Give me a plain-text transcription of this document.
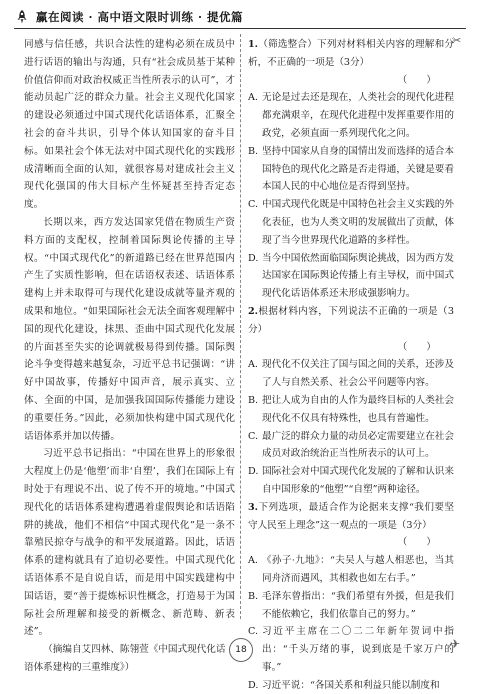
赢在阅读 · 高中语文限时训练 · 提优篇

同感与信任感，共识合法性的建构必须在成员中进行话语的输出与沟通，只有“社会成员基于某种价值信仰而对政治权威正当性所表示的认可”，才能动员起广泛的群众力量。社会主义现代化国家的建设必须通过中国式现代化话语体系，汇聚全社会的奋斗共识，引导个体认知国家的奋斗目标。如果社会个体无法对中国式现代化的实践形成清晰而全面的认知，就很容易对建成社会主义现代化强国的伟大目标产生怀疑甚至持否定态度。

长期以来，西方发达国家凭借在物质生产资料方面的支配权，控制着国际舆论传播的主导权。“中国式现代化”的新道路已经在世界范围内产生了实质性影响，但在话语权表述、话语体系建构上并未取得可与现代化建设成就等量齐观的成果和地位。“如果国际社会无法全面客观理解中国的现代化建设，抹黑、歪曲中国式现代化发展的片面甚至失实的论调就极易得到传播。国际舆论斗争变得越来越复杂，习近平总书记强调：“讲好中国故事，传播好中国声音，展示真实、立体、全面的中国，是加强我国国际传播能力建设的重要任务。”因此，必须加快构建中国式现代化话语体系并加以传播。

习近平总书记指出：“中国在世界上的形象很大程度上仍是‘他塑’而非‘自塑’，我们在国际上有时处于有理说不出、说了传不开的境地。”中国式现代化的话语体系建构遭遇着虚假舆论和话语陷阱的挑战，他们不相信“中国式现代化”是一条不靠殖民掠夺与战争的和平发展道路。因此，话语体系的建构就具有了迫切必要性。中国式现代化话语体系不是自说自话，而是用中国实践建构中国话语，要“善于提炼标识性概念，打造易于为国际社会所理解和接受的新概念、新范畴、新表述”。

（摘编自艾四林、陈翎萱《中国式现代化话语体系建构的三重维度》）

✂

1.（筛选整合）下列对材料相关内容的理解和分析，不正确的一项是（3分）

（　　）

A. 无论是过去还是现在，人类社会的现代化进程都充满艰辛，在现代化进程中发挥重要作用的政党，必须直面一系列现代化之问。
B. 坚持中国家从自身的国情出发而选择的适合本国特色的现代化之路是否走得通，关键是要看本国人民的中心地位是否得到坚持。
C. 中国式现代化既是中国特色社会主义实践的外化表征，也为人类文明的发展做出了贡献，体现了当今世界现代化道路的多样性。
D. 当今中国依然面临国际舆论挑战，因为西方发达国家在国际舆论传播上有主导权，而中国式现代化话语体系还未形成强影响力。

2.根据材料内容，下列说法不正确的一项是（3分）

（　　）

A. 现代化不仅关注了国与国之间的关系，还涉及了人与自然关系、社会公平问题等内容。
B. 把让人成为自由的人作为最终目标的人类社会现代化不仅具有特殊性，也具有普遍性。
C. 最广泛的群众力量的动员必定需要建立在社会成员对政治统治正当性所表示的认可上。
D. 国际社会对中国式现代化发展的了解和认识来自中国形象的“他塑”“自塑”两种途径。

3.下列选项，最适合作为论据来支撑“我们要坚守人民至上理念”这一观点的一项是（3分）

（　　）

A. 《孙子·九地》：“夫吴人与越人相恶也，当其同舟济而遇风，其相救也如左右手。”
B. 毛泽东曾指出：“我们希望有外援，但是我们不能依赖它，我们依靠自己的努力。”
C. 习近平主席在二〇二二年新年贺词中指出：“千头万绪的事，说到底是千家万户的事。”
D. 习近平说：“各国关系和利益只能以制度和
18	✈
